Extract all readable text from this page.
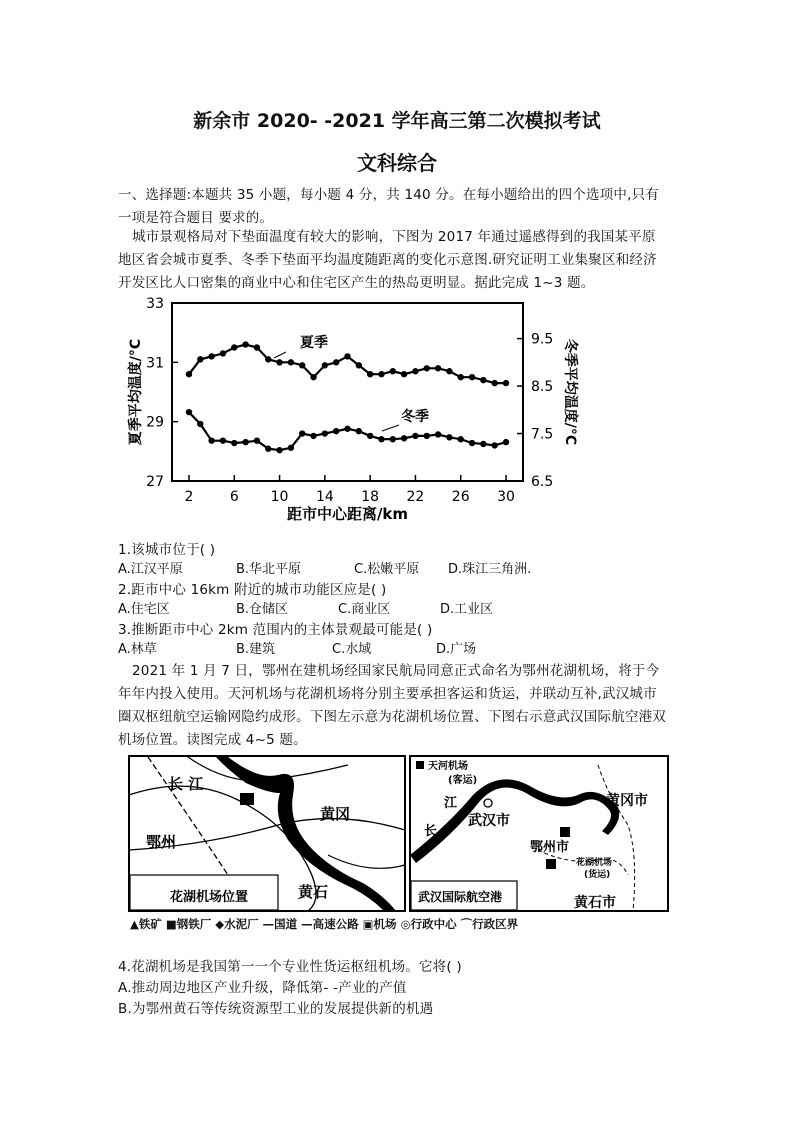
新余市 2020- -2021 学年高三第二次模拟考试
文科综合
一、选择题:本题共 35 小题，每小题 4 分，共 140 分。在每小题给出的四个选项中,只有
一项是符合题目 要求的。
城市景观格局对下垫面温度有较大的影响，下图为 2017 年通过遥感得到的我国某平原
地区省会城市夏季、冬季下垫面平均温度随距离的变化示意图.研究证明工业集聚区和经济
开发区比人口密集的商业中心和住宅区产生的热岛更明显。据此完成 1~3 题。
2	6 10 14 18 22 26 30
27
29
31
33
6.5
7.5
8.5
9.5
距市中心距离/km
夏季平均温度/°C	冬季平均温度/°C
夏季
冬季
1.该城市位于( )
A.江汉平原	B.华北平原	C.松嫩平原 D.珠江三角洲.
2.距市中心 16km 附近的城市功能区应是( )
A.住宅区	B.仓储区	C.商业区	D.工业区
3.推断距市中心 2km 范围内的主体景观最可能是( )
A.林草	B.建筑	C.水域	D.广场
2021 年 1 月 7 日，鄂州在建机场经国家民航局同意正式命名为鄂州花湖机场，将于今
年年内投入使用。天河机场与花湖机场将分别主要承担客运和货运，并联动互补,武汉城市
圈双枢纽航空运输网隐约成形。下图左示意为花湖机场位置、下图右示意武汉国际航空港双
机场位置。读图完成 4~5 题。
长 江
黄冈
鄂州
黄石
花湖机场位置
天河机场
(客运)
江
长
武汉市
黄冈市
鄂州市
花湖机场
(货运)
黄石市
武汉国际航空港
▲铁矿 ■钢铁厂 ◆水泥厂 —国道 —高速公路 ▣机场 ◎行政中心 ⌒行政区界
4.花湖机场是我国第一一个专业性货运枢纽机场。它将( )
A.推动周边地区产业升级，降低第- -产业的产值
B.为鄂州黄石等传统资源型工业的发展提供新的机遇
